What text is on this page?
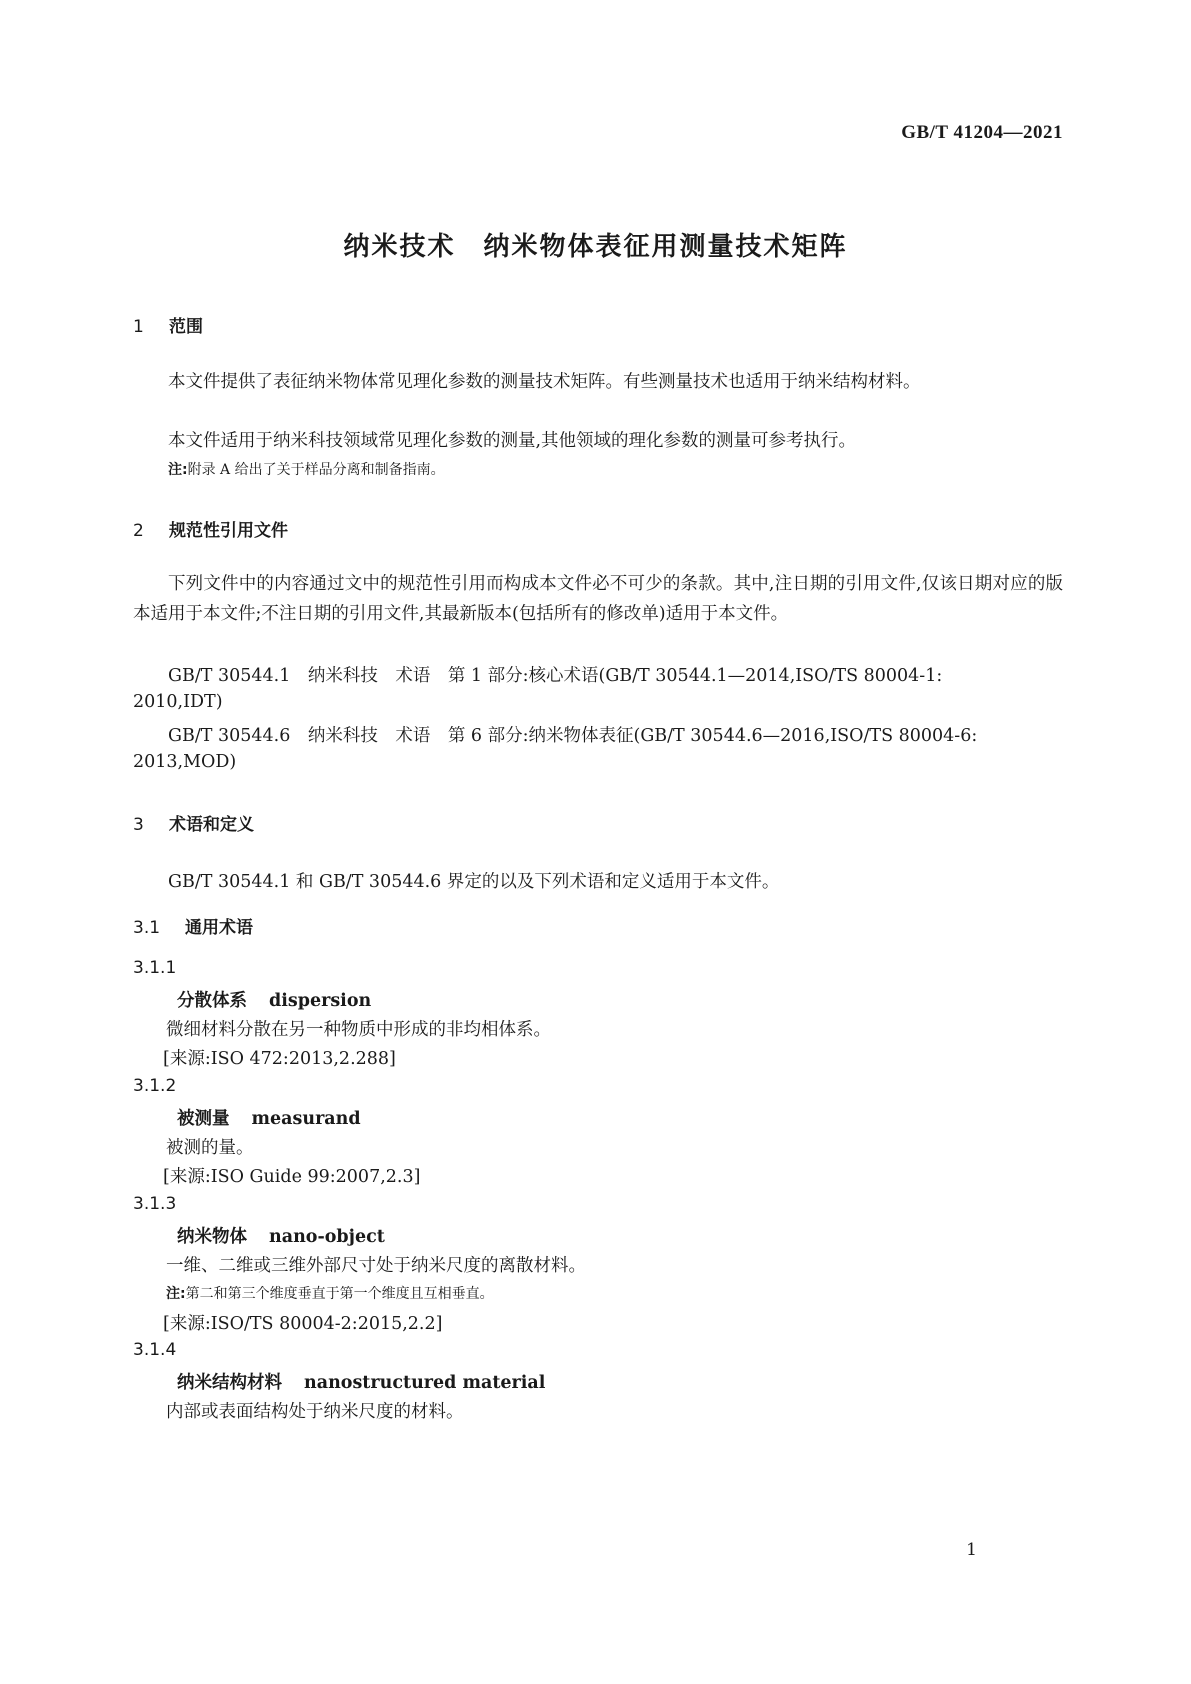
GB/T 41204—2021
纳米技术　纳米物体表征用测量技术矩阵
1 范围
本文件提供了表征纳米物体常见理化参数的测量技术矩阵。有些测量技术也适用于纳米结构材料。
本文件适用于纳米科技领域常见理化参数的测量,其他领域的理化参数的测量可参考执行。
注:附录 A 给出了关于样品分离和制备指南。
2 规范性引用文件
下列文件中的内容通过文中的规范性引用而构成本文件必不可少的条款。其中,注日期的引用文件,仅该日期对应的版本适用于本文件;不注日期的引用文件,其最新版本(包括所有的修改单)适用于本文件。
GB/T 30544.1　纳米科技　术语　第 1 部分:核心术语(GB/T 30544.1—2014,ISO/TS 80004-1:
2010,IDT)
GB/T 30544.6　纳米科技　术语　第 6 部分:纳米物体表征(GB/T 30544.6—2016,ISO/TS 80004-6:
2013,MOD)
3 术语和定义
GB/T 30544.1 和 GB/T 30544.6 界定的以及下列术语和定义适用于本文件。
3.1 通用术语
3.1.1
分散体系 dispersion
微细材料分散在另一种物质中形成的非均相体系。
[来源:ISO 472:2013,2.288]
3.1.2
被测量 measurand
被测的量。
[来源:ISO Guide 99:2007,2.3]
3.1.3
纳米物体 nano-object
一维、二维或三维外部尺寸处于纳米尺度的离散材料。
注:第二和第三个维度垂直于第一个维度且互相垂直。
[来源:ISO/TS 80004-2:2015,2.2]
3.1.4
纳米结构材料 nanostructured material
内部或表面结构处于纳米尺度的材料。
1
